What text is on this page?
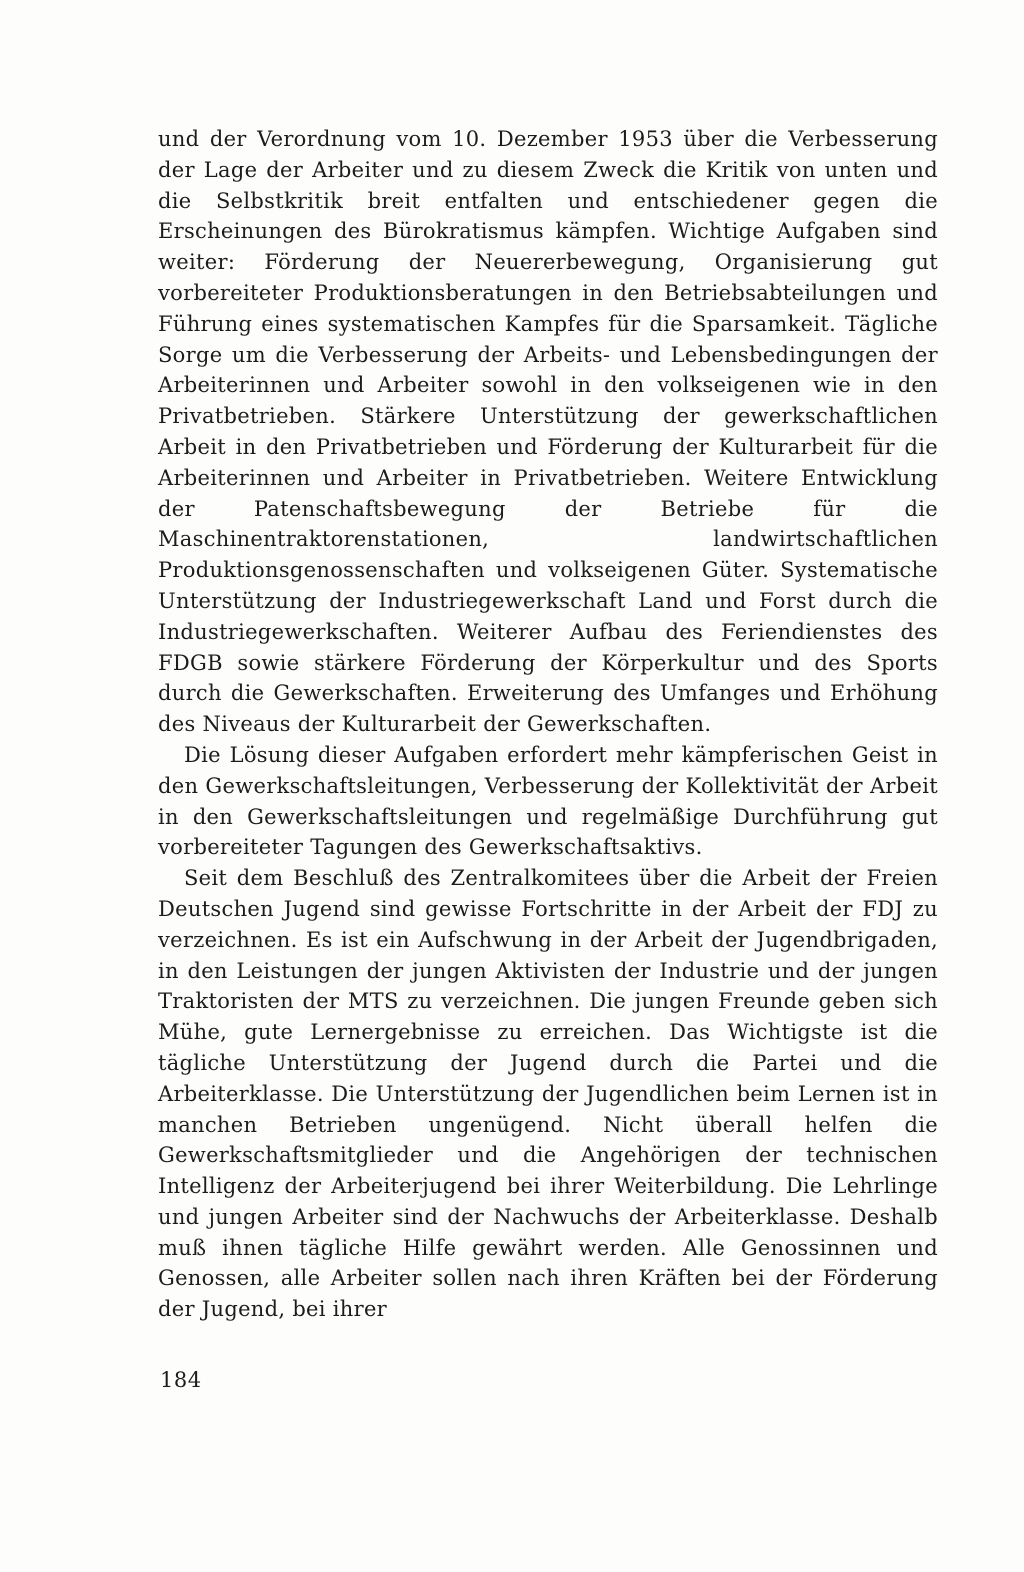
und der Verordnung vom 10. Dezember 1953 über die Verbesserung der Lage der Arbeiter und zu diesem Zweck die Kritik von unten und die Selbstkritik breit entfalten und entschiedener gegen die Erscheinungen des Bürokratismus kämpfen. Wichtige Aufgaben sind weiter: Förderung der Neuererbewegung, Organisierung gut vorbereiteter Produktionsberatungen in den Betriebsabteilungen und Führung eines systematischen Kampfes für die Sparsamkeit. Tägliche Sorge um die Verbesserung der Arbeits- und Lebensbedingungen der Arbeiterinnen und Arbeiter sowohl in den volkseigenen wie in den Privatbetrieben. Stärkere Unterstützung der gewerkschaftlichen Arbeit in den Privatbetrieben und Förderung der Kulturarbeit für die Arbeiterinnen und Arbeiter in Privatbetrieben. Weitere Entwicklung der Patenschaftsbewegung der Betriebe für die Maschinentraktorenstationen, landwirtschaftlichen Produktionsgenossenschaften und volkseigenen Güter. Systematische Unterstützung der Industriegewerkschaft Land und Forst durch die Industriegewerkschaften. Weiterer Aufbau des Feriendienstes des FDGB sowie stärkere Förderung der Körperkultur und des Sports durch die Gewerkschaften. Erweiterung des Umfanges und Erhöhung des Niveaus der Kulturarbeit der Gewerkschaften.

Die Lösung dieser Aufgaben erfordert mehr kämpferischen Geist in den Gewerkschaftsleitungen, Verbesserung der Kollektivität der Arbeit in den Gewerkschaftsleitungen und regelmäßige Durchführung gut vorbereiteter Tagungen des Gewerkschaftsaktivs.

Seit dem Beschluß des Zentralkomitees über die Arbeit der Freien Deutschen Jugend sind gewisse Fortschritte in der Arbeit der FDJ zu verzeichnen. Es ist ein Aufschwung in der Arbeit der Jugendbrigaden, in den Leistungen der jungen Aktivisten der Industrie und der jungen Traktoristen der MTS zu verzeichnen. Die jungen Freunde geben sich Mühe, gute Lernergebnisse zu erreichen. Das Wichtigste ist die tägliche Unterstützung der Jugend durch die Partei und die Arbeiterklasse. Die Unterstützung der Jugendlichen beim Lernen ist in manchen Betrieben ungenügend. Nicht überall helfen die Gewerkschaftsmitglieder und die Angehörigen der technischen Intelligenz der Arbeiterjugend bei ihrer Weiterbildung. Die Lehrlinge und jungen Arbeiter sind der Nachwuchs der Arbeiterklasse. Deshalb muß ihnen tägliche Hilfe gewährt werden. Alle Genossinnen und Genossen, alle Arbeiter sollen nach ihren Kräften bei der Förderung der Jugend, bei ihrer

184
